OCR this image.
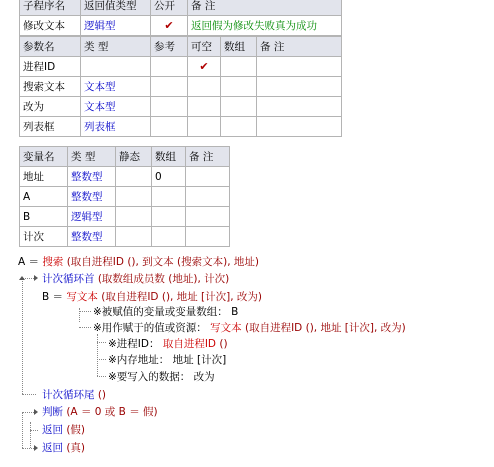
子程序名	返回值类型	公开	备 注
修改文本	逻辑型	✔	返回假为修改失败真为成功
参数名	类 型	参考	可空	数组	备 注
进程ID			✔		
搜索文本	文本型				
改为	文本型				
列表框	列表框				
变量名	类 型	静态	数组	备 注
地址	整数型		0	
A	整数型			
B	逻辑型			
计次	整数型			
A ＝ 搜索 (取自进程ID (), 到文本 (搜索文本), 地址)
计次循环首 (取数组成员数 (地址), 计次)
B ＝ 写文本 (取自进程ID (), 地址 [计次], 改为)
※被赋值的变量或变量数组： B
※用作赋于的值或资源： 写文本 (取自进程ID (), 地址 [计次], 改为)
※进程ID： 取自进程ID ()
※内存地址： 地址 [计次]
※要写入的数据： 改为
计次循环尾 ()
判断 (A ＝ 0 或 B ＝ 假)
返回 (假)
返回 (真)
